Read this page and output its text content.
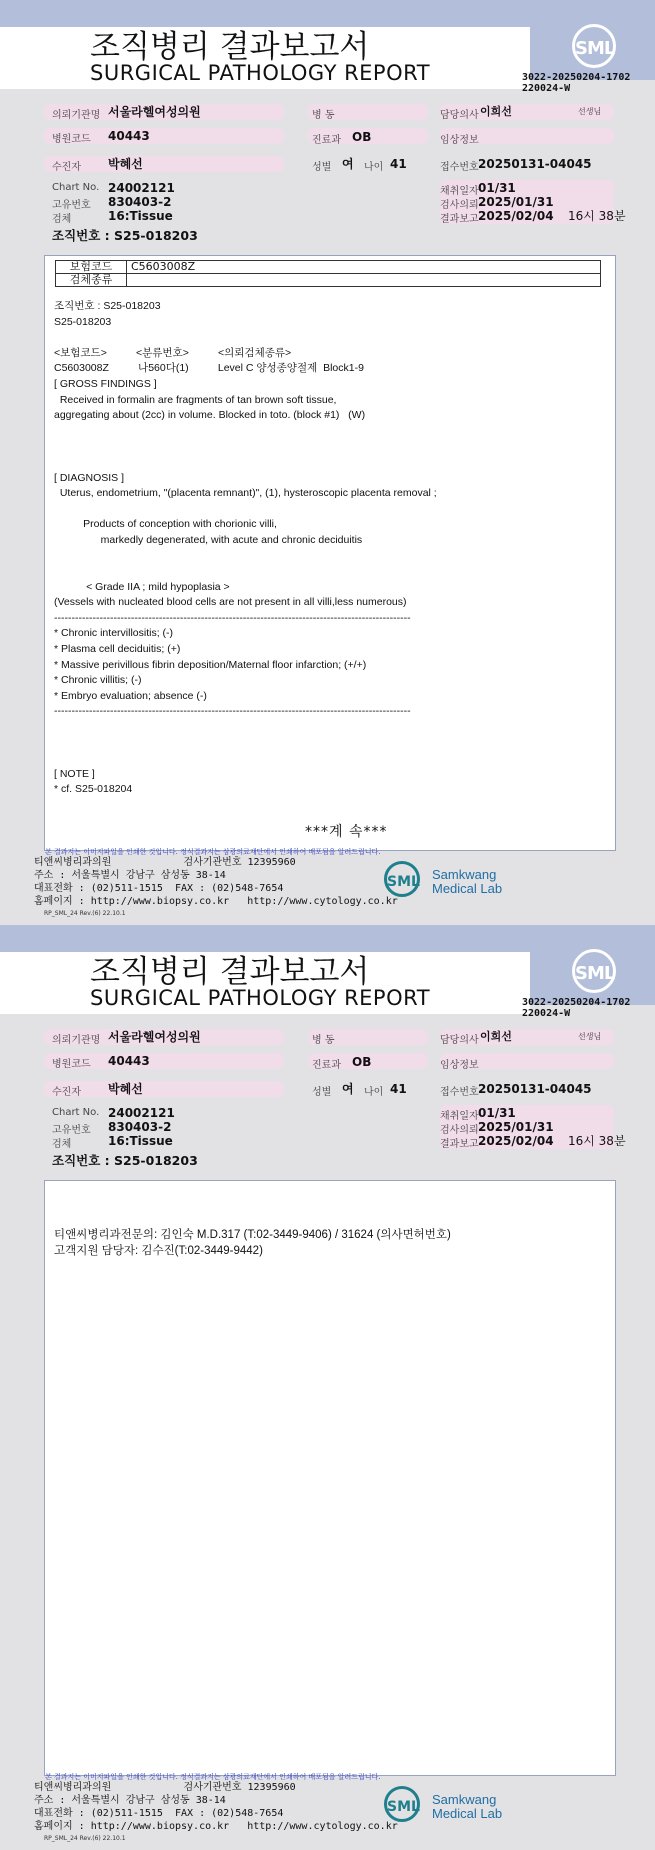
SML
조직병리 결과보고서
SURGICAL PATHOLOGY REPORT	3022-20250204-1702
220024-W
의뢰기관명 서울라헬여성의원
병원코드 40443
수진자 박혜선
Chart No. 24002121
고유번호 830403-2
검체	16:Tissue
조직번호 : S25-018203
병 동
진료과 OB
성별 여 나이 41
담당의사 이희선	선생님
임상정보
접수번호 20250131-04045
채취일자 01/31
검사의뢰 2025/01/31
결과보고 2025/02/04 16시 38분
보험코드	C5603008Z
검체종류	
조직번호 : S25-018203
S25-018203
<보험코드>          <분류번호>          <의뢰검체종류>
C5603008Z          나560다(1)          Level C 양성종양절제  Block1-9
[ GROSS FINDINGS ]
Received in formalin are fragments of tan brown soft tissue,
aggregating about (2cc) in volume. Blocked in toto. (block #1)   (W)
[ DIAGNOSIS ]
Uterus, endometrium, "(placenta remnant)", (1), hysteroscopic placenta removal ;
Products of conception with chorionic villi,
markedly degenerated, with acute and chronic deciduitis
< Grade IIA ; mild hypoplasia >
(Vessels with nucleated blood cells are not present in all villi,less numerous)
------------------------------------------------------------------------------------------------------
* Chronic intervillositis; (-)
* Plasma cell deciduitis; (+)
* Massive perivillous fibrin deposition/Maternal floor infarction; (+/+)
* Chronic villitis; (-)
* Embryo evaluation; absence (-)
------------------------------------------------------------------------------------------------------
[ NOTE ]
* cf. S25-018204
***계 속***
본 결과지는 이미지파일을 인쇄한 것입니다. 정식결과지는 삼광의료재단에서 인쇄하여 배포됨을 알려드립니다.
티앤씨병리과의원	검사기관번호 12395960
주소 : 서울특별시 강남구 삼성동 38-14
대표전화 : (02)511-1515  FAX : (02)548-7654
홈페이지 : http://www.biopsy.co.kr   http://www.cytology.co.kr
RP_SML_24 Rev.(6) 22.10.1
SML Samkwang
Medical Lab
SML
조직병리 결과보고서
SURGICAL PATHOLOGY REPORT	3022-20250204-1702
220024-W
의뢰기관명 서울라헬여성의원
병원코드 40443
수진자 박혜선
Chart No. 24002121
고유번호 830403-2
검체	16:Tissue
조직번호 : S25-018203
병 동
진료과 OB
성별 여 나이 41
담당의사 이희선	선생님
임상정보
접수번호 20250131-04045
채취일자 01/31
검사의뢰 2025/01/31
결과보고 2025/02/04 16시 38분
티앤씨병리과전문의: 김인숙 M.D.317 (T:02-3449-9406) / 31624 (의사면허번호)
고객지원 담당자: 김수진(T:02-3449-9442)
본 결과지는 이미지파일을 인쇄한 것입니다. 정식결과지는 삼광의료재단에서 인쇄하여 배포됨을 알려드립니다.
티앤씨병리과의원	검사기관번호 12395960
주소 : 서울특별시 강남구 삼성동 38-14
대표전화 : (02)511-1515  FAX : (02)548-7654
홈페이지 : http://www.biopsy.co.kr   http://www.cytology.co.kr
RP_SML_24 Rev.(6) 22.10.1
SML Samkwang
Medical Lab
